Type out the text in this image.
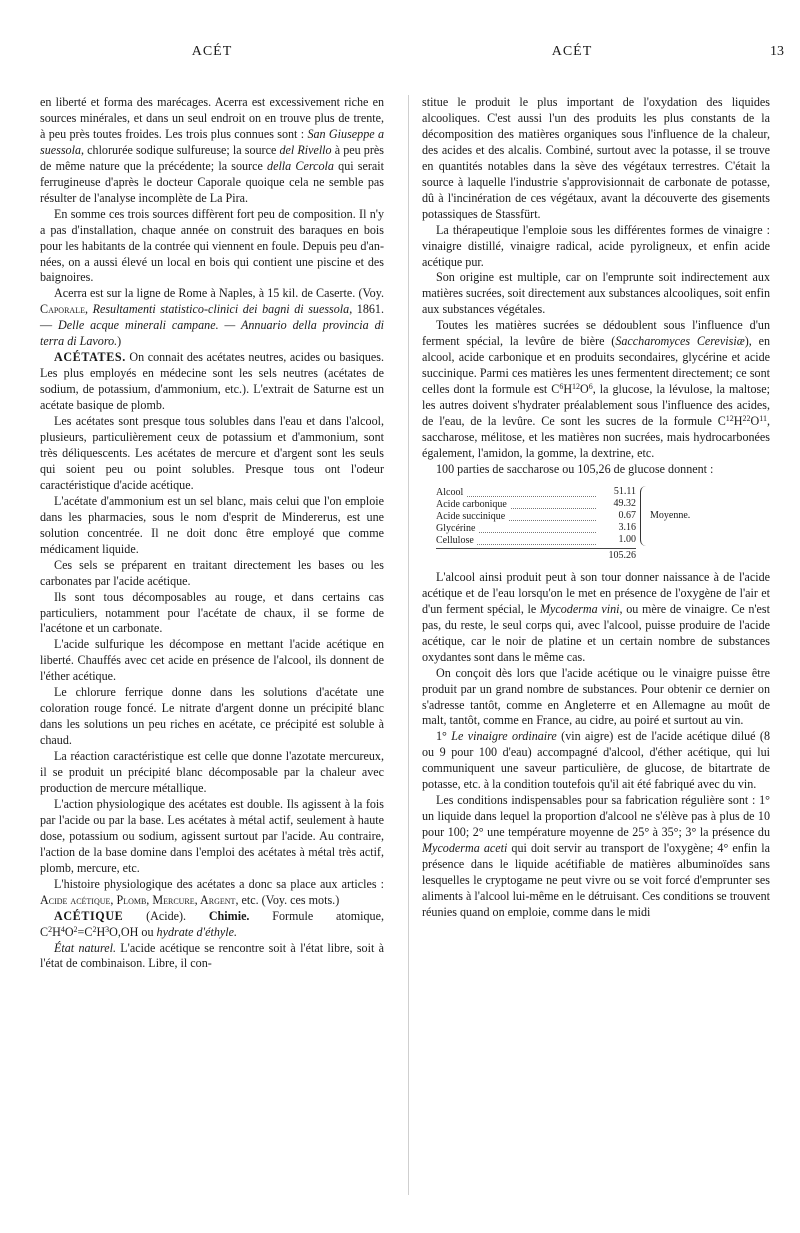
ACÉT	ACÉT	13

en liberté et forma des marécages. Acerra est excessivement riche en sources minérales, et dans un seul endroit on en trouve plus de trente, à peu près toutes froides. Les trois plus connues sont : San Giuseppe a suessola, chlorurée sodique sulfureuse; la source del Rivello à peu près de même nature que la précédente; la source della Cercola qui serait ferrugineuse d'après le docteur Caporale quoique cela ne semble pas résulter de l'analyse incomplète de La Pira.

En somme ces trois sources diffèrent fort peu de composition. Il n'y a pas d'installation, chaque année on construit des baraques en bois pour les habitants de la contrée qui viennent en foule. Depuis peu d'années, on a aussi élevé un local en bois qui contient une piscine et des baignoires.

Acerra est sur la ligne de Rome à Naples, à 15 kil. de Caserte. (Voy. Caporale, Resultamenti statistico-clinici dei bagni di suessola, 1861. — Delle acque minerali campane. — Annuario della provincia di terra di Lavoro.)

ACÉTATES. On connait des acétates neutres, acides ou basiques. Les plus employés en médecine sont les sels neutres (acétates de sodium, de potassium, d'ammonium, etc.). L'extrait de Saturne est un acétate basique de plomb.

Les acétates sont presque tous solubles dans l'eau et dans l'alcool, plusieurs, particulièrement ceux de potassium et d'ammonium, sont très déliquescents. Les acétates de mercure et d'argent sont les seuls qui soient peu ou point solubles. Presque tous ont l'odeur caractéristique d'acide acétique.

L'acétate d'ammonium est un sel blanc, mais celui que l'on emploie dans les pharmacies, sous le nom d'esprit de Mindererus, est une solution concentrée. Il ne doit donc être employé que comme médicament liquide.

Ces sels se préparent en traitant directement les bases ou les carbonates par l'acide acétique.

Ils sont tous décomposables au rouge, et dans certains cas particuliers, notamment pour l'acétate de chaux, il se forme de l'acétone et un carbonate.

L'acide sulfurique les décompose en mettant l'acide acétique en liberté. Chauffés avec cet acide en présence de l'alcool, ils donnent de l'éther acétique.

Le chlorure ferrique donne dans les solutions d'acétate une coloration rouge foncé. Le nitrate d'argent donne un précipité blanc dans les solutions un peu riches en acétate, ce précipité est soluble à chaud.

La réaction caractéristique est celle que donne l'azotate mercureux, il se produit un précipité blanc décomposable par la chaleur avec production de mercure métallique.

L'action physiologique des acétates est double. Ils agissent à la fois par l'acide ou par la base. Les acétates à métal actif, seulement à haute dose, potassium ou sodium, agissent surtout par l'acide. Au contraire, l'action de la base domine dans l'emploi des acétates à métal très actif, plomb, mercure, etc.

L'histoire physiologique des acétates a donc sa place aux articles : Acide acétique, Plomb, Mercure, Argent, etc. (Voy. ces mots.)

ACÉTIQUE (Acide). Chimie. Formule atomique, $C^2H^4O^2=C^2H^3O,OH$ ou hydrate d'éthyle.

État naturel. L'acide acétique se rencontre soit à l'état libre, soit à l'état de combinaison. Libre, il con-

stitue le produit le plus important de l'oxydation des liquides alcooliques. C'est aussi l'un des produits les plus constants de la décomposition des matières organiques sous l'influence de la chaleur, des acides et des alcalis. Combiné, surtout avec la potasse, il se trouve en quantités notables dans la sève des végétaux terrestres. C'était la source à laquelle l'industrie s'approvisionnait de carbonate de potasse, dû à l'incinération de ces végétaux, avant la découverte des gisements potassiques de Stassfürt.

La thérapeutique l'emploie sous les différentes formes de vinaigre : vinaigre distillé, vinaigre radical, acide pyroligneux, et enfin acide acétique pur.

Son origine est multiple, car on l'emprunte soit indirectement aux matières sucrées, soit directement aux substances alcooliques, soit enfin aux substances végétales.

Toutes les matières sucrées se dédoublent sous l'influence d'un ferment spécial, la levûre de bière (Saccharomyces Cerevisiæ), en alcool, acide carbonique et en produits secondaires, glycérine et acide succinique. Parmi ces matières les unes fermentent directement; ce sont celles dont la formule est $C^6H^{12}O^6$, la glucose, la lévulose, la maltose; les autres doivent s'hydrater préalablement sous l'influence des acides, de l'eau, de la levûre. Ce sont les sucres de la formule $C^{12}H^{22}O^{11}$, saccharose, mélitose, et les matières non sucrées, mais hydrocarbonées également, l'amidon, la gomme, la dextrine, etc.

100 parties de saccharose ou 105,26 de glucose donnent :

Alcool	51.11
Acide carbonique	49.32
Acide succinique	0.67
Glycérine	3.16
Cellulose	1.00
105.26
Moyenne.

L'alcool ainsi produit peut à son tour donner naissance à de l'acide acétique et de l'eau lorsqu'on le met en présence de l'oxygène de l'air et d'un ferment spécial, le Mycoderma vini, ou mère de vinaigre. Ce n'est pas, du reste, le seul corps qui, avec l'alcool, puisse produire de l'acide acétique, car le noir de platine et un certain nombre de substances oxydantes sont dans le même cas.

On conçoit dès lors que l'acide acétique ou le vinaigre puisse être produit par un grand nombre de substances. Pour obtenir ce dernier on s'adresse tantôt, comme en Angleterre et en Allemagne au moût de malt, tantôt, comme en France, au cidre, au poiré et surtout au vin.

1° Le vinaigre ordinaire (vin aigre) est de l'acide acétique dilué (8 ou 9 pour 100 d'eau) accompagné d'alcool, d'éther acétique, qui lui communiquent une saveur particulière, de glucose, de bitartrate de potasse, etc. à la condition toutefois qu'il ait été fabriqué avec du vin.

Les conditions indispensables pour sa fabrication régulière sont : 1° un liquide dans lequel la proportion d'alcool ne s'élève pas à plus de 10 pour 100; 2° une température moyenne de 25° à 35°; 3° la présence du Mycoderma aceti qui doit servir au transport de l'oxygène; 4° enfin la présence dans le liquide acétifiable de matières albuminoïdes sans lesquelles le cryptogame ne peut vivre ou se voit forcé d'emprunter ses aliments à l'alcool lui-même en le détruisant. Ces conditions se trouvent réunies quand on emploie, comme dans le midi
